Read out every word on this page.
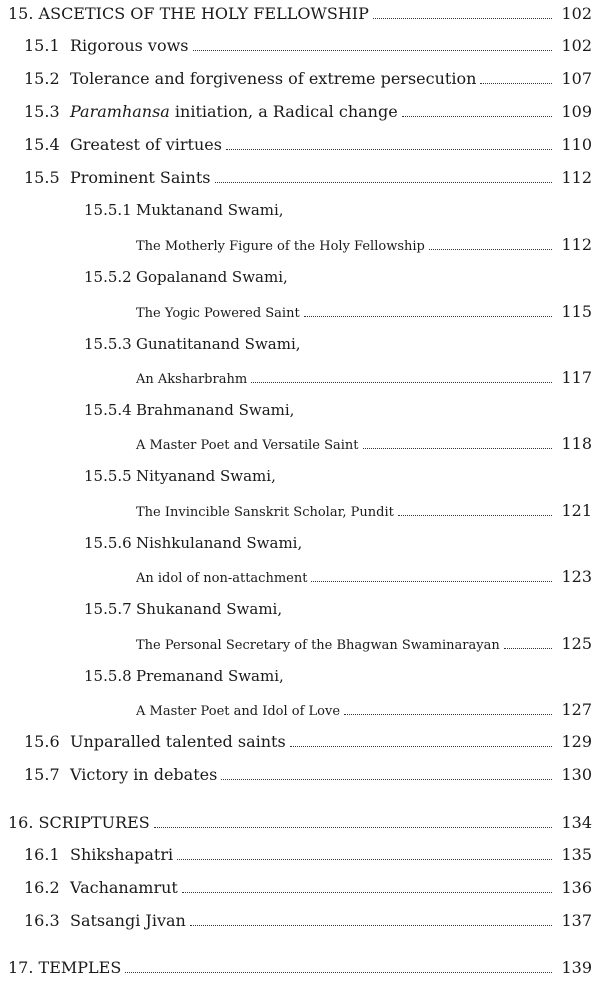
15. ASCETICS OF THE HOLY FELLOWSHIP	102
15.1 Rigorous vows	102
15.2 Tolerance and forgiveness of extreme persecution	107
15.3 Paramhansa initiation, a Radical change	109
15.4 Greatest of virtues	110
15.5 Prominent Saints	112
15.5.1 Muktanand Swami,
The Motherly Figure of the Holy Fellowship	112
15.5.2 Gopalanand Swami,
The Yogic Powered Saint	115
15.5.3 Gunatitanand Swami,
An Aksharbrahm	117
15.5.4 Brahmanand Swami,
A Master Poet and Versatile Saint	118
15.5.5 Nityanand Swami,
The Invincible Sanskrit Scholar, Pundit	121
15.5.6 Nishkulanand Swami,
An idol of non-attachment	123
15.5.7 Shukanand Swami,
The Personal Secretary of the Bhagwan Swaminarayan	125
15.5.8 Premanand Swami,
A Master Poet and Idol of Love	127
15.6 Unparalled talented saints	129
15.7 Victory in debates	130
16. SCRIPTURES	134
16.1 Shikshapatri	135
16.2 Vachanamrut	136
16.3 Satsangi Jivan	137
17. TEMPLES	139
